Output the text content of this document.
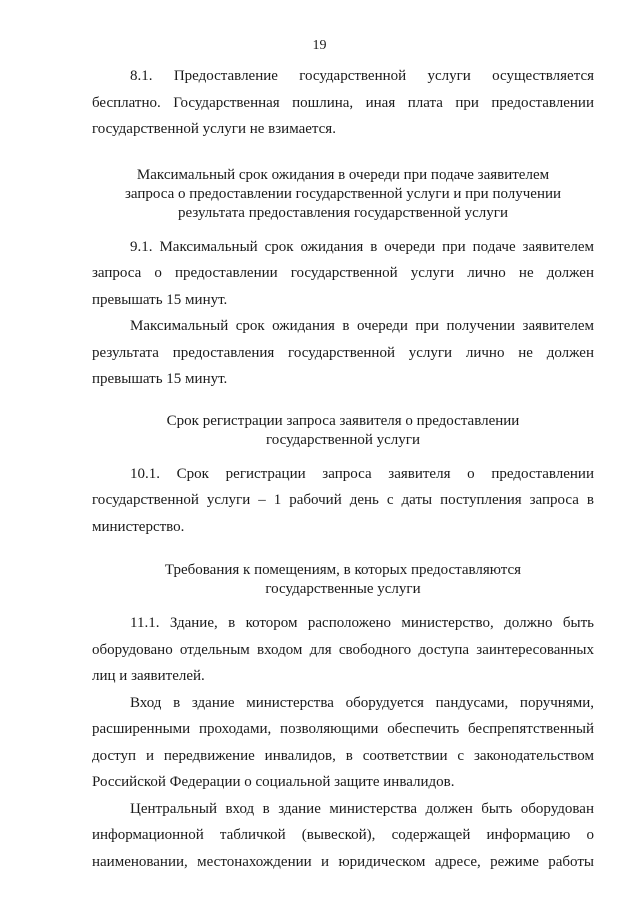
19

8.1. Предоставление государственной услуги осуществляется бесплатно. Государственная пошлина, иная плата при предоставлении государственной услуги не взимается.

Максимальный срок ожидания в очереди при подаче заявителем
запроса о предоставлении государственной услуги и при получении
результата предоставления государственной услуги

9.1. Максимальный срок ожидания в очереди при подаче заявителем запроса о предоставлении государственной услуги лично не должен превышать 15 минут.

Максимальный срок ожидания в очереди при получении заявителем результата предоставления государственной услуги лично не должен превышать 15 минут.

Срок регистрации запроса заявителя о предоставлении
государственной услуги

10.1. Срок регистрации запроса заявителя о предоставлении государственной услуги – 1 рабочий день с даты поступления запроса в министерство.

Требования к помещениям, в которых предоставляются
государственные услуги

11.1. Здание, в котором расположено министерство, должно быть оборудовано отдельным входом для свободного доступа заинтересованных лиц и заявителей.

Вход в здание министерства оборудуется пандусами, поручнями, расширенными проходами, позволяющими обеспечить беспрепятственный доступ и передвижение инвалидов, в соответствии с законодательством Российской Федерации о социальной защите инвалидов.

Центральный вход в здание министерства должен быть оборудован информационной табличкой (вывеской), содержащей информацию о наименовании, местонахождении и юридическом адресе, режиме работы
